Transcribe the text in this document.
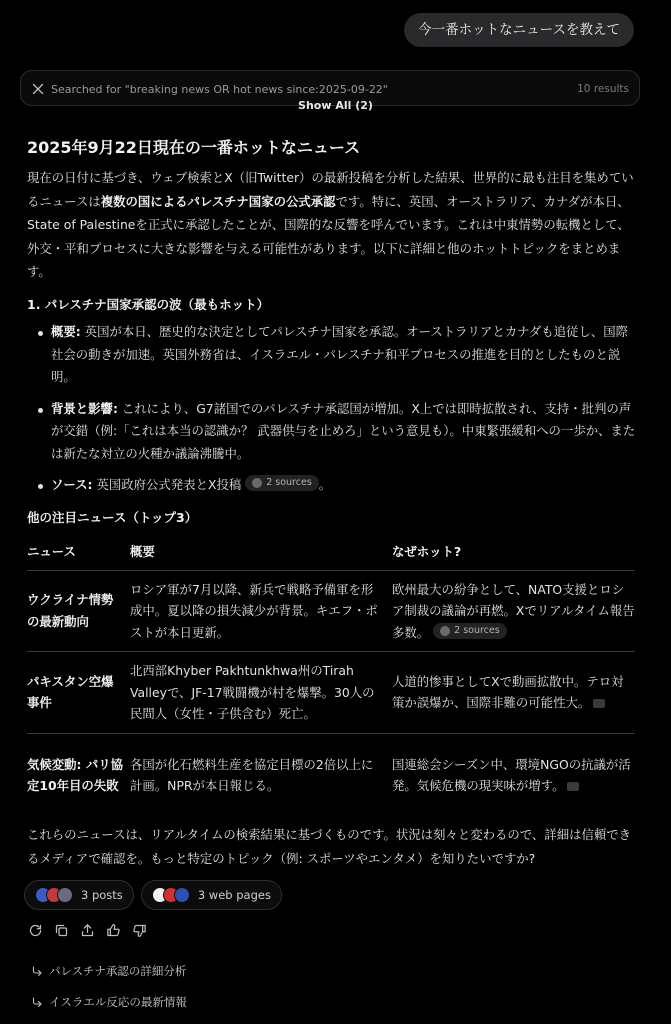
今一番ホットなニュースを教えて
Searched for "breaking news OR hot news since:2025-09-22"	10 results
Show All (2)
2025年9月22日現在の一番ホットなニュース

現在の日付に基づき、ウェブ検索とX（旧Twitter）の最新投稿を分析した結果、世界的に最も注目を集めているニュースは複数の国によるパレスチナ国家の公式承認です。特に、英国、オーストラリア、カナダが本日、State of Palestineを正式に承認したことが、国際的な反響を呼んでいます。これは中東情勢の転機として、外交・平和プロセスに大きな影響を与える可能性があります。以下に詳細と他のホットトピックをまとめます。

1. パレスチナ国家承認の波（最もホット）
概要: 英国が本日、歴史的な決定としてパレスチナ国家を承認。オーストラリアとカナダも追従し、国際社会の動きが加速。英国外務省は、イスラエル・パレスチナ和平プロセスの推進を目的としたものと説明。
背景と影響: これにより、G7諸国でのパレスチナ承認国が増加。X上では即時拡散され、支持・批判の声が交錯（例:「これは本当の認識か？ 武器供与を止めろ」という意見も）。中東緊張緩和への一歩か、または新たな対立の火種か議論沸騰中。
ソース: 英国政府公式発表とX投稿	2 sources 。
他の注目ニュース（トップ3）
ニュース	概要	なぜホット?
ウクライナ情勢の最新動向	ロシア軍が7月以降、新兵で戦略予備軍を形成中。夏以降の損失減少が背景。キエフ・ポストが本日更新。	欧州最大の紛争として、NATO支援とロシア制裁の議論が再燃。Xでリアルタイム報告多数。 2 sources

パキスタン空爆事件	北西部Khyber Pakhtunkhwa州のTirah Valleyで、JF-17戦闘機が村を爆撃。30人の民間人（女性・子供含む）死亡。	人道的惨事としてXで動画拡散中。テロ対策か誤爆か、国際非難の可能性大。
気候変動: パリ協定10年目の失敗	各国が化石燃料生産を協定目標の2倍以上に計画。NPRが本日報じる。	国連総会シーズン中、環境NGOの抗議が活発。気候危機の現実味が増す。

これらのニュースは、リアルタイムの検索結果に基づくものです。状況は刻々と変わるので、詳細は信頼できるメディアで確認を。もっと特定のトピック（例: スポーツやエンタメ）を知りたいですか?

3 posts	3 web pages
パレスチナ承認の詳細分析
イスラエル反応の最新情報
